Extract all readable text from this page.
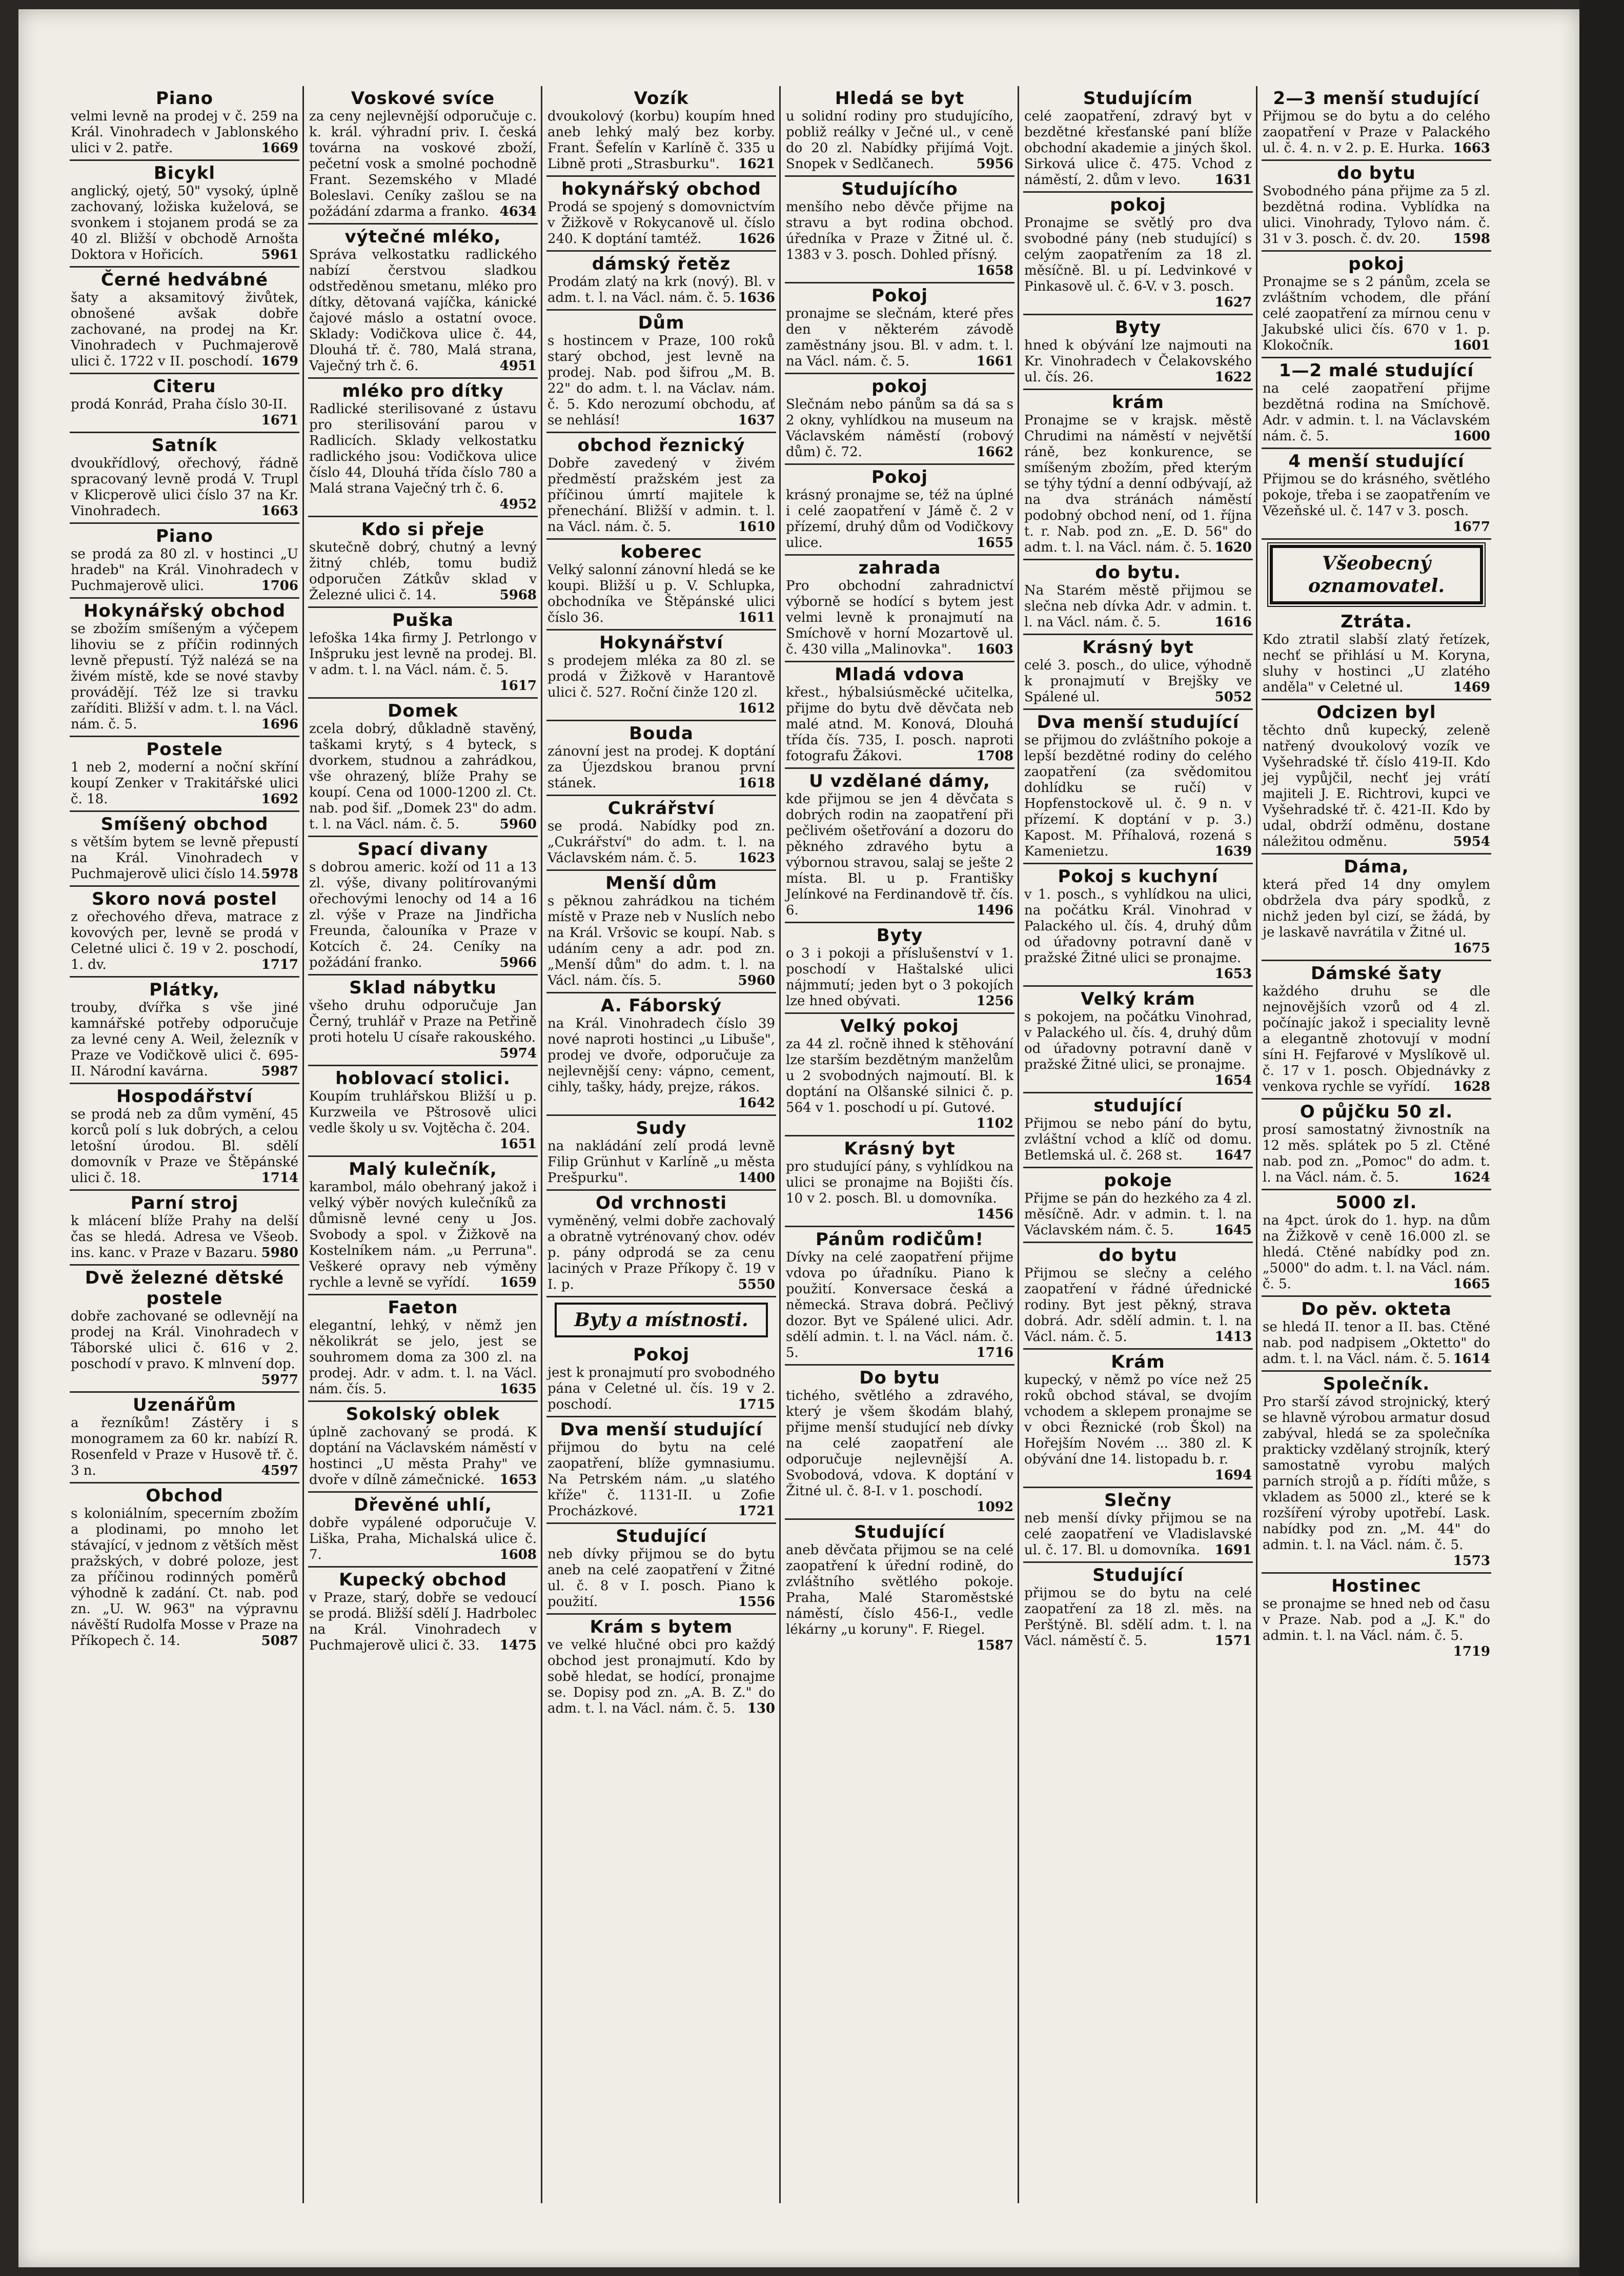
Piano
velmi levně na prodej v č. 259 na Král. Vinohradech v Jablonského ulici v 2. patře.	1669
Bicykl
anglický, ojetý, 50" vysoký, úplně zachovaný, ložiska kuželová, se svonkem i stojanem prodá se za 40 zl. Bližší v obchodě Arnošta Doktora v Hořicích.	5961
Černé hedvábné
šaty a aksamitový živůtek, obnošené avšak dobře zachované, na prodej na Kr. Vinohradech v Puchmajerově ulici č. 1722 v II. poschodí. 1679
Citeru
prodá Konrád, Praha číslo 30-II.
1671
Satník
dvoukřídlový, ořechový, řádně spracovaný levně prodá V. Trupl v Klicperově ulici číslo 37 na Kr. Vinohradech.	1663
Piano
se prodá za 80 zl. v hostinci „U hradeb" na Král. Vinohradech v Puchmajerově ulici.	1706
Hokynářský obchod
se zbožím smíšeným a výčepem lihoviu se z příčin rodinných levně přepustí. Týž nalézá se na živém místě, kde se nové stavby provádějí. Též lze si travku zaříditi. Bližší v adm. t. l. na Václ. nám. č. 5.	1696
Postele
1 neb 2, moderní a noční skříní koupí Zenker v Trakitářské ulici č. 18.	1692
Smíšený obchod
s větším bytem se levně přepustí na Král. Vinohradech v Puchmajerově ulici číslo 14. 5978
Skoro nová postel
z ořechového dřeva, matrace z kovových per, levně se prodá v Celetné ulici č. 19 v 2. poschodí, 1. dv.	1717
Plátky,
trouby, ďvířka s vše jiné kamnářské potřeby odporučuje za levné ceny A. Weil, železník v Praze ve Vodičkově ulici č. 695-II. Národní kavárna.	5987
Hospodářství
se prodá neb za dům vymění, 45 korců polí s luk dobrých, a celou letošní úrodou. Bl. sdělí domovník v Praze ve Štěpánské ulici č. 18.	1714
Parní stroj
k mlácení blíže Prahy na delší čas se hledá. Adresa ve Všeob. ins. kanc. v Praze v Bazaru. 5980
Dvě železné dětské postele
dobře zachované se odlevnějí na prodej na Král. Vinohradech v Táborské ulici č. 616 v 2. poschodí v pravo. K mlnvení dop.
5977
Uzenářům
a řezníkům! Zástěry i s monogramem za 60 kr. nabízí R. Rosenfeld v Praze v Husově tř. č. 3 n.	4597
Obchod
s koloniálním, specerním zbožím a plodinami, po mnoho let stávající, v jednom z větších měst pražských, v dobré poloze, jest za příčinou rodinných poměrů výhodně k zadání. Ct. nab. pod zn. „U. W. 963" na výpravnu návěští Rudolfa Mosse v Praze na Příkopech č. 14.	5087
Voskové svíce
za ceny nejlevnější odporučuje c. k. král. výhradní priv. I. česká továrna na voskové zboží, pečetní vosk a smolné pochodně Frant. Sezemského v Mladé Boleslavi. Ceníky zašlou se na požádání zdarma a franko. 4634
výtečné mléko,
Správa velkostatku radlického nabízí čerstvou sladkou odstředěnou smetanu, mléko pro dítky, dětovaná vajíčka, kánické čajové máslo a ostatní ovoce. Sklady: Vodičkova ulice č. 44, Dlouhá tř. č. 780, Malá strana, Vaječný trh č. 6.	4951
mléko pro dítky
Radlické sterilisované z ústavu pro sterilisování parou v Radlicích. Sklady velkostatku radlického jsou: Vodičkova ulice číslo 44, Dlouhá třída číslo 780 a Malá strana Vaječný trh č. 6.
4952
Kdo si přeje
skutečně dobrý, chutný a levný žitný chléb, tomu budiž odporučen Zátkův sklad v Železné ulici č. 14.	5968
Puška
lefoška 14ka firmy J. Petrlongo v Inšpruku jest levně na prodej. Bl. v adm. t. l. na Václ. nám. č. 5.
1617
Domek
zcela dobrý, důkladně stavěný, taškami krytý, s 4 byteck, s dvorkem, studnou a zahrádkou, vše ohrazený, blíže Prahy se koupí. Cena od 1000-1200 zl. Ct. nab. pod šif. „Domek 23" do adm. t. l. na Václ. nám. č. 5.	5960
Spací divany
s dobrou americ. koží od 11 a 13 zl. výše, divany politírovanými ořechovými lenochy od 14 a 16 zl. výše v Praze na Jindřicha Freunda, čalouníka v Praze v Kotcích č. 24. Ceníky na požádání franko.	5966
Sklad nábytku
všeho druhu odporučuje Jan Černý, truhlář v Praze na Petřině proti hotelu U císaře rakouského.
5974
hoblovací stolici.
Koupím truhlářskou Bližší u p. Kurzweila ve Pštrosově ulici vedle školy u sv. Vojtěcha č. 204.
1651
Malý kulečník,
karambol, málo obehraný jakož i velký výběr nových kulečníků za důmisně levné ceny u Jos. Svobody a spol. v Žižkově na Kostelníkem nám. „u Perruna". Veškeré opravy neb výměny rychle a levně se vyřídí. 1659
Faeton
elegantní, lehký, v němž jen několikrát se jelo, jest se souhromem doma za 300 zl. na prodej. Adr. v adm. t. l. na Václ. nám. čís. 5.	1635
Sokolský oblek
úplně zachovaný se prodá. K doptání na Václavském náměstí v hostinci „U města Prahy" ve dvoře v dílně zámečnické. 1653
Dřevěné uhlí,
dobře vypálené odporučuje V. Liška, Praha, Michalská ulice č. 7.	1608
Kupecký obchod
v Praze, starý, dobře se vedoucí se prodá. Bližší sdělí J. Hadrbolec na Král. Vinohradech v Puchmajerově ulici č. 33. 1475
Vozík
dvoukolový (korbu) koupím hned aneb lehký malý bez korby. Frant. Šefelín v Karlíně č. 335 u Libně proti „Strasburku". 1621
hokynářský obchod
Prodá se spojený s domovnictvím v Žižkově v Rokycanově ul. číslo 240. K doptání tamtéž.	1626
dámský řetěz
Prodám zlatý na krk (nový). Bl. v adm. t. l. na Václ. nám. č. 5. 1636
Dům
s hostincem v Praze, 100 roků starý obchod, jest levně na prodej. Nab. pod šifrou „M. B. 22" do adm. t. l. na Václav. nám. č. 5. Kdo nerozumí obchodu, ať se nehlásí!	1637
obchod řeznický
Dobře zavedený v živém předměstí pražském jest za příčinou úmrtí majitele k přenechání. Bližší v admin. t. l. na Václ. nám. č. 5.	1610
koberec
Velký salonní zánovní hledá se ke koupi. Bližší u p. V. Schlupka, obchodníka ve Štěpánské ulici číslo 36.	1611
Hokynářství
s prodejem mléka za 80 zl. se prodá v Žižkově v Harantově ulici č. 527. Roční činže 120 zl.
1612
Bouda
zánovní jest na prodej. K doptání za Újezdskou branou první stánek.	1618
Cukrářství
se prodá. Nabídky pod zn. „Cukrářství" do adm. t. l. na Václavském nám. č. 5.	1623
Menší dům
s pěknou zahrádkou na tichém místě v Praze neb v Nuslích nebo na Král. Vršovic se koupí. Nab. s udáním ceny a adr. pod zn. „Menší dům" do adm. t. l. na Václ. nám. čís. 5.	5960
A. Fáborský
na Král. Vinohradech číslo 39 nové naproti hostinci „u Libuše", prodej ve dvoře, odporučuje za nejlevnější ceny: vápno, cement, cihly, tašky, hády, prejze, rákos.
1642
Sudy
na nakládání zelí prodá levně Filip Grünhut v Karlíně „u města Prešpurku".	1400
Od vrchnosti
vyměněný, velmi dobře zachovalý a obratně vytrénovaný chov. odév p. pány odprodá se za cenu laciných v Praze Příkopy č. 19 v I. p.	5550
Byty a místnosti.
Pokoj
jest k pronajmutí pro svobodného pána v Celetné ul. čís. 19 v 2. poschodí.	1715
Dva menší studující
přijmou do bytu na celé zaopatření, blíže gymnasiumu. Na Petrském nám. „u slatého kříže" č. 1131-II. u Zofie Procházkové.	1721
Studující
neb dívky přijmou se do bytu aneb na celé zaopatření v Žitné ul. č. 8 v I. posch. Piano k použití.	1556
Krám s bytem
ve velké hlučné obci pro každý obchod jest pronajmutí. Kdo by sobě hledat, se hodící, pronajme se. Dopisy pod zn. „A. B. Z." do adm. t. l. na Václ. nám. č. 5. 130
Hledá se byt
u solidní rodiny pro studujícího, pobliž reálky v Ječné ul., v ceně do 20 zl. Nabídky přijímá Vojt. Snopek v Sedlčanech.	5956
Studujícího
menšího nebo děvče přijme na stravu a byt rodina obchod. úředníka v Praze v Žitné ul. č. 1383 v 3. posch. Dohled přísný.
1658
Pokoj
pronajme se slečnám, které přes den v některém závodě zaměstnány jsou. Bl. v adm. t. l. na Václ. nám. č. 5.	1661
pokoj
Slečnám nebo pánům sa dá sa s 2 okny, vyhlídkou na museum na Václavském náměstí (robový dům) č. 72.	1662
Pokoj
krásný pronajme se, též na úplné i celé zaopatření v Jámě č. 2 v přízemí, druhý dům od Vodičkovy ulice.	1655
zahrada
Pro obchodní zahradnictví výborně se hodící s bytem jest velmi levně k pronajmutí na Smíchově v horní Mozartově ul. č. 430 villa „Malinovka". 1603
Mladá vdova
křest., hýbalsiúsměcké učitelka, přijme do bytu dvě děvčata neb malé atnd. M. Konová, Dlouhá třída čís. 735, I. posch. naproti fotografu Žákovi.	1708
U vzdělané dámy,
kde přijmou se jen 4 děvčata s dobrých rodin na zaopatření při pečlivém ošetřování a dozoru do pěkného zdravého bytu a výbornou stravou, salaj se ješte 2 místa. Bl. u p. Františky Jelínkové na Ferdinandově tř. čís. 6.	1496
Byty
o 3 i pokoji a příslušenství v 1. poschodí v Haštalské ulici nájmmutí; jeden byt o 3 pokojích lze hned obývati.	1256
Velký pokoj
za 44 zl. ročně ihned k stěhování lze starším bezdětným manželům u 2 svobodných najmoutí. Bl. k doptání na Olšanské silnici č. p. 564 v 1. poschodí u pí. Gutové.
1102
Krásný byt
pro studující pány, s vyhlídkou na ulici se pronajme na Bojišti čís. 10 v 2. posch. Bl. u domovníka.
1456
Pánům rodičům!
Dívky na celé zaopatření přijme vdova po úřadníku. Piano k použití. Konversace česká a německá. Strava dobrá. Pečlivý dozor. Byt ve Spálené ulici. Adr. sdělí admin. t. l. na Václ. nám. č. 5.	1716
Do bytu
tichého, světlého a zdravého, který je všem škodám blahý, přijme menší studující neb dívky na celé zaopatření ale odporučuje nejlevnější A. Svobodová, vdova. K doptání v Žitné ul. č. 8-I. v 1. poschodí.
1092
Studující
aneb děvčata přijmou se na celé zaopatření k úřední rodině, do zvláštního světlého pokoje. Praha, Malé Staroměstské náměstí, číslo 456-I., vedle lékárny „u koruny". F. Riegel.
1587
Studujícím
celé zaopatření, zdravý byt v bezdětné křesťanské paní blíže obchodní akademie a jiných škol. Sirková ulice č. 475. Vchod z náměstí, 2. dům v levo.	1631
pokoj
Pronajme se světlý pro dva svobodné pány (neb studující) s celým zaopatřením za 18 zl. měsíčně. Bl. u pí. Ledvinkové v Pinkasově ul. č. 6-V. v 3. posch.
1627
Byty
hned k obývání lze najmouti na Kr. Vinohradech v Čelakovského ul. čís. 26.	1622
krám
Pronajme se v krajsk. městě Chrudimi na náměstí v největší ráně, bez konkurence, se smíšeným zbožím, před kterým se týhy týdní a denní odbývají, až na dva stránách náměstí podobný obchod není, od 1. října t. r. Nab. pod zn. „E. D. 56" do adm. t. l. na Václ. nám. č. 5. 1620
do bytu.
Na Starém městě přijmou se slečna neb dívka Adr. v admin. t. l. na Václ. nám. č. 5.	1616
Krásný byt
celé 3. posch., do ulice, výhodně k pronajmutí v Brejšky ve Spálené ul.	5052
Dva menší studující
se přijmou do zvláštního pokoje a lepší bezdětné rodiny do celého zaopatření (za svědomitou dohlídku se ručí) v Hopfenstockově ul. č. 9 n. v přízemí. K doptání v p. 3.) Kapost. M. Příhalová, rozená s Kamenietzu.	1639
Pokoj s kuchyní
v 1. posch., s vyhlídkou na ulici, na počátku Král. Vinohrad v Palackého ul. čís. 4, druhý dům od úřadovny potravní daně v pražské Žitné ulici se pronajme.
1653
Velký krám
s pokojem, na počátku Vinohrad, v Palackého ul. čís. 4, druhý dům od úřadovny potravní daně v pražské Žitné ulici, se pronajme.
1654
studující
Přijmou se nebo pání do bytu, zvláštní vchod a klíč od domu. Betlemská ul. č. 268 st. 1647
pokoje
Přijme se pán do hezkého za 4 zl. měsíčně. Adr. v admin. t. l. na Václavském nám. č. 5.	1645
do bytu
Přijmou se slečny a celého zaopatření v řádné úřednické rodiny. Byt jest pěkný, strava dobrá. Adr. sdělí admin. t. l. na Václ. nám. č. 5.	1413
Krám
kupecký, v němž po více než 25 roků obchod stával, se dvojím vchodem a sklepem pronajme se v obci Řeznické (rob Škol) na Hořejším Novém ... 380 zl. K obývání dne 14. listopadu b. r.
1694
Slečny
neb menší dívky přijmou se na celé zaopatření ve Vladislavské ul. č. 17. Bl. u domovníka. 1691
Studující
přijmou se do bytu na celé zaopatření za 18 zl. měs. na Perštýně. Bl. sdělí adm. t. l. na Václ. náměstí č. 5.	1571
2—3 menší studující
Přijmou se do bytu a do celého zaopatření v Praze v Palackého ul. č. 4. n. v 2. p. E. Hurka. 1663
do bytu
Svobodného pána přijme za 5 zl. bezdětná rodina. Vyblídka na ulici. Vinohrady, Tylovo nám. č. 31 v 3. posch. č. dv. 20. 1598
pokoj
Pronajme se s 2 pánům, zcela se zvláštním vchodem, dle přání celé zaopatření za mírnou cenu v Jakubské ulici čís. 670 v 1. p. Klokočník.	1601
1—2 malé studující
na celé zaopatření přijme bezdětná rodina na Smíchově. Adr. v admin. t. l. na Václavském nám. č. 5.	1600
4 menší studující
Přijmou se do krásného, světlého pokoje, třeba i se zaopatřením ve Vězeňské ul. č. 147 v 3. posch.
1677
Všeobecný oznamovatel.
Ztráta.
Kdo ztratil slabší zlatý řetízek, nechť se přihlásí u M. Koryna, sluhy v hostinci „U zlatého anděla" v Celetné ul.	1469
Odcizen byl
těchto dnů kupecký, zeleně natřený dvoukolový vozík ve Vyšehradské tř. číslo 419-II. Kdo jej vypůjčil, nechť jej vrátí majiteli J. E. Richtrovi, kupci ve Vyšehradské tř. č. 421-II. Kdo by udal, obdrží odměnu, dostane náležitou odměnu.	5954
Dáma,
která před 14 dny omylem obdržela dva páry spodků, z nichž jeden byl cizí, se žádá, by je laskavě navrátila v Žitné ul.
1675
Dámské šaty
každého druhu se dle nejnovějších vzorů od 4 zl. počínajíc jakož i speciality levně a elegantně zhotovují v modní síni H. Fejfarové v Myslíkově ul. č. 17 v 1. posch. Objednávky z venkova rychle se vyřídí. 1628
O půjčku 50 zl.
prosí samostatný živnostník na 12 měs. splátek po 5 zl. Ctěné nab. pod zn. „Pomoc" do adm. t. l. na Václ. nám. č. 5.	1624
5000 zl.
na 4pct. úrok do 1. hyp. na dům na Žižkově v ceně 16.000 zl. se hledá. Ctěné nabídky pod zn. „5000" do adm. t. l. na Václ. nám. č. 5.	1665
Do pěv. okteta
se hledá II. tenor a II. bas. Ctěné nab. pod nadpisem „Oktetto" do adm. t. l. na Václ. nám. č. 5. 1614
Společník.
Pro starší závod strojnický, který se hlavně výrobou armatur dosud zabýval, hledá se za společníka prakticky vzdělaný strojník, který samostatně vyrobu malých parních strojů a p. řídíti může, s vkladem as 5000 zl., které se k rozšíření výroby upotřebí. Lask. nabídky pod zn. „M. 44" do admin. t. l. na Václ. nám. č. 5.
1573
Hostinec
se pronajme se hned neb od času v Praze. Nab. pod a „J. K." do admin. t. l. na Václ. nám. č. 5.
1719
